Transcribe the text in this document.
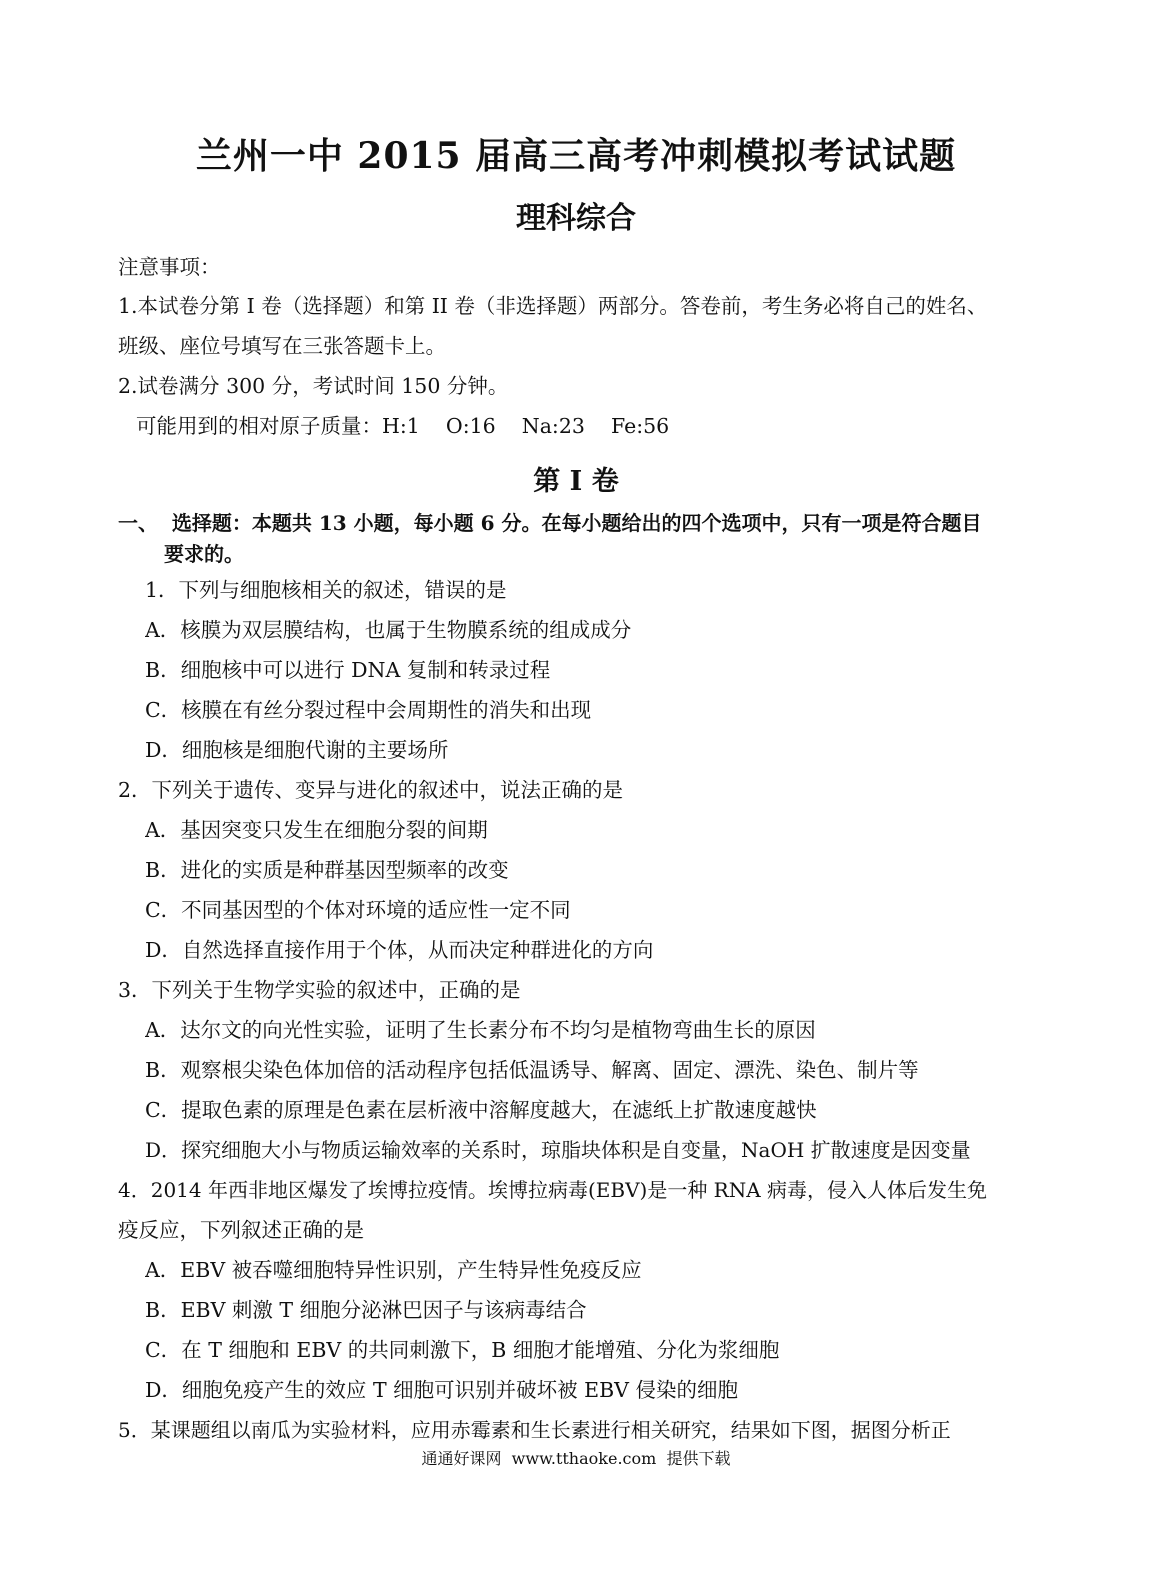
兰州一中 2015 届高三高考冲刺模拟考试试题
理科综合
注意事项：
1.本试卷分第 I 卷（选择题）和第 II 卷（非选择题）两部分。答卷前，考生务必将自己的姓名、
班级、座位号填写在三张答题卡上。
2.试卷满分 300 分，考试时间 150 分钟。
可能用到的相对原子质量：H:1    O:16    Na:23    Fe:56
第 I 卷
一、  选择题：本题共 13 小题，每小题 6 分。在每小题给出的四个选项中，只有一项是符合题目
要求的。
1．下列与细胞核相关的叙述，错误的是
A．核膜为双层膜结构，也属于生物膜系统的组成成分
B．细胞核中可以进行 DNA 复制和转录过程
C．核膜在有丝分裂过程中会周期性的消失和出现
D．细胞核是细胞代谢的主要场所
2．下列关于遗传、变异与进化的叙述中，说法正确的是
A．基因突变只发生在细胞分裂的间期
B．进化的实质是种群基因型频率的改变
C．不同基因型的个体对环境的适应性一定不同
D．自然选择直接作用于个体，从而决定种群进化的方向
3．下列关于生物学实验的叙述中，正确的是
A．达尔文的向光性实验，证明了生长素分布不均匀是植物弯曲生长的原因
B．观察根尖染色体加倍的活动程序包括低温诱导、解离、固定、漂洗、染色、制片等
C．提取色素的原理是色素在层析液中溶解度越大，在滤纸上扩散速度越快
D．探究细胞大小与物质运输效率的关系时，琼脂块体积是自变量，NaOH 扩散速度是因变量
4．2014 年西非地区爆发了埃博拉疫情。埃博拉病毒(EBV)是一种 RNA 病毒，侵入人体后发生免
疫反应，下列叙述正确的是
A．EBV 被吞噬细胞特异性识别，产生特异性免疫反应
B．EBV 刺激 T 细胞分泌淋巴因子与该病毒结合
C．在 T 细胞和 EBV 的共同刺激下，B 细胞才能增殖、分化为浆细胞
D．细胞免疫产生的效应 T 细胞可识别并破坏被 EBV 侵染的细胞
5．某课题组以南瓜为实验材料，应用赤霉素和生长素进行相关研究，结果如下图，据图分析正
通通好课网  www.tthaoke.com  提供下载
